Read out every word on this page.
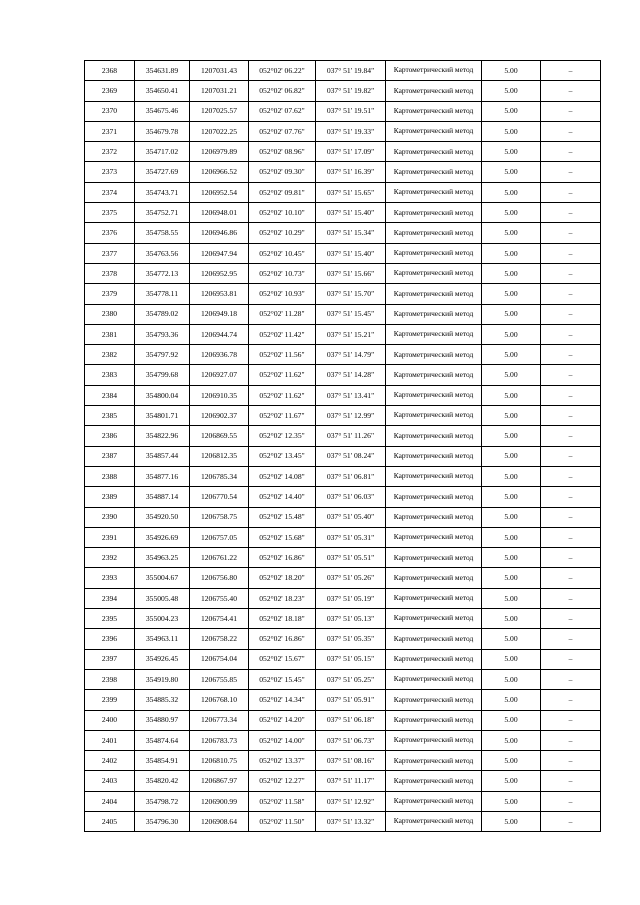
2368	354631.89	1207031.43	052°02' 06.22"	037° 51' 19.84"	Картометрический метод	5.00	–
2369	354650.41	1207031.21	052°02' 06.82"	037° 51' 19.82"	Картометрический метод	5.00	–
2370	354675.46	1207025.57	052°02' 07.62"	037° 51' 19.51"	Картометрический метод	5.00	–
2371	354679.78	1207022.25	052°02' 07.76"	037° 51' 19.33"	Картометрический метод	5.00	–
2372	354717.02	1206979.89	052°02' 08.96"	037° 51' 17.09"	Картометрический метод	5.00	–
2373	354727.69	1206966.52	052°02' 09.30"	037° 51' 16.39"	Картометрический метод	5.00	–
2374	354743.71	1206952.54	052°02' 09.81"	037° 51' 15.65"	Картометрический метод	5.00	–
2375	354752.71	1206948.01	052°02' 10.10"	037° 51' 15.40"	Картометрический метод	5.00	–
2376	354758.55	1206946.86	052°02' 10.29"	037° 51' 15.34"	Картометрический метод	5.00	–
2377	354763.56	1206947.94	052°02' 10.45"	037° 51' 15.40"	Картометрический метод	5.00	–
2378	354772.13	1206952.95	052°02' 10.73"	037° 51' 15.66"	Картометрический метод	5.00	–
2379	354778.11	1206953.81	052°02' 10.93"	037° 51' 15.70"	Картометрический метод	5.00	–
2380	354789.02	1206949.18	052°02' 11.28"	037° 51' 15.45"	Картометрический метод	5.00	–
2381	354793.36	1206944.74	052°02' 11.42"	037° 51' 15.21"	Картометрический метод	5.00	–
2382	354797.92	1206936.78	052°02' 11.56"	037° 51' 14.79"	Картометрический метод	5.00	–
2383	354799.68	1206927.07	052°02' 11.62"	037° 51' 14.28"	Картометрический метод	5.00	–
2384	354800.04	1206910.35	052°02' 11.62"	037° 51' 13.41"	Картометрический метод	5.00	–
2385	354801.71	1206902.37	052°02' 11.67"	037° 51' 12.99"	Картометрический метод	5.00	–
2386	354822.96	1206869.55	052°02' 12.35"	037° 51' 11.26"	Картометрический метод	5.00	–
2387	354857.44	1206812.35	052°02' 13.45"	037° 51' 08.24"	Картометрический метод	5.00	–
2388	354877.16	1206785.34	052°02' 14.08"	037° 51' 06.81"	Картометрический метод	5.00	–
2389	354887.14	1206770.54	052°02' 14.40"	037° 51' 06.03"	Картометрический метод	5.00	–
2390	354920.50	1206758.75	052°02' 15.48"	037° 51' 05.40"	Картометрический метод	5.00	–
2391	354926.69	1206757.05	052°02' 15.68"	037° 51' 05.31"	Картометрический метод	5.00	–
2392	354963.25	1206761.22	052°02' 16.86"	037° 51' 05.51"	Картометрический метод	5.00	–
2393	355004.67	1206756.80	052°02' 18.20"	037° 51' 05.26"	Картометрический метод	5.00	–
2394	355005.48	1206755.40	052°02' 18.23"	037° 51' 05.19"	Картометрический метод	5.00	–
2395	355004.23	1206754.41	052°02' 18.18"	037° 51' 05.13"	Картометрический метод	5.00	–
2396	354963.11	1206758.22	052°02' 16.86"	037° 51' 05.35"	Картометрический метод	5.00	–
2397	354926.45	1206754.04	052°02' 15.67"	037° 51' 05.15"	Картометрический метод	5.00	–
2398	354919.80	1206755.85	052°02' 15.45"	037° 51' 05.25"	Картометрический метод	5.00	–
2399	354885.32	1206768.10	052°02' 14.34"	037° 51' 05.91"	Картометрический метод	5.00	–
2400	354880.97	1206773.34	052°02' 14.20"	037° 51' 06.18"	Картометрический метод	5.00	–
2401	354874.64	1206783.73	052°02' 14.00"	037° 51' 06.73"	Картометрический метод	5.00	–
2402	354854.91	1206810.75	052°02' 13.37"	037° 51' 08.16"	Картометрический метод	5.00	–
2403	354820.42	1206867.97	052°02' 12.27"	037° 51' 11.17"	Картометрический метод	5.00	–
2404	354798.72	1206900.99	052°02' 11.58"	037° 51' 12.92"	Картометрический метод	5.00	–
2405	354796.30	1206908.64	052°02' 11.50"	037° 51' 13.32"	Картометрический метод	5.00	–
